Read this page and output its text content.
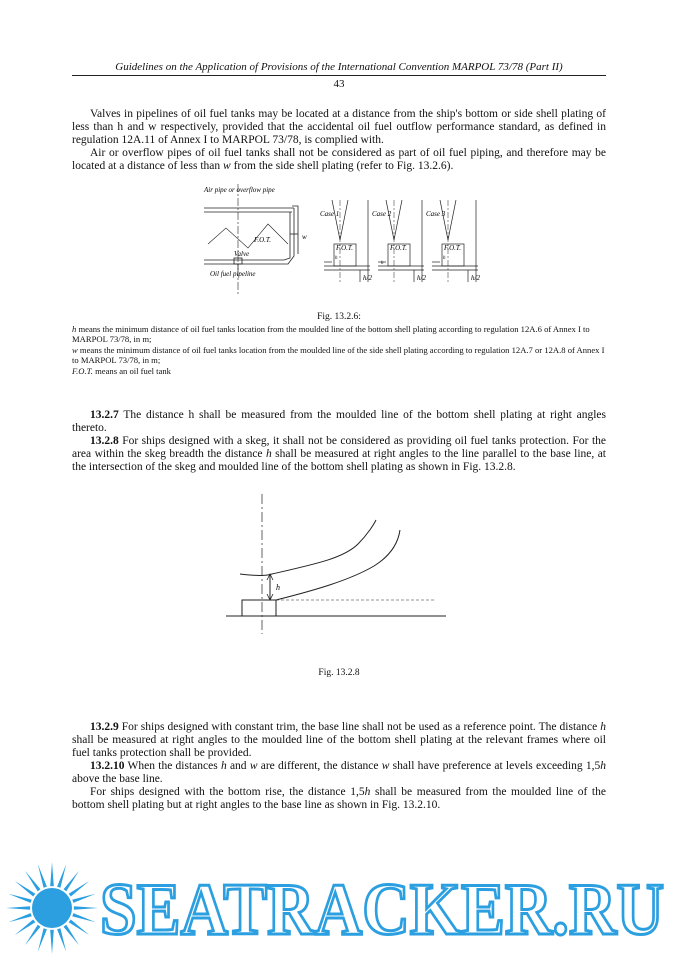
Guidelines on the Application of Provisions of the International Convention MARPOL 73/78 (Part II)
43

Valves in pipelines of oil fuel tanks may be located at a distance from the ship's bottom or side shell plating of less than h and w respectively, provided that the accidental oil fuel outflow performance standard, as defined in regulation 12A.11 of Annex I to MARPOL 73/78, is complied with.

Air or overflow pipes of oil fuel tanks shall not be considered as part of oil fuel piping, and therefore may be located at a distance of less than w from the side shell plating (refer to Fig. 13.2.6).

Air pipe or overflow pipe
F.O.T.	w
Valve
Oil fuel pipeline
Case 1	Case 2	Case 3
F.O.T.	F.O.T.	F.O.T.
h
h
h
h/2	h/2	h/2
Fig. 13.2.6:

h means the minimum distance of oil fuel tanks location from the moulded line of the bottom shell plating according to regulation 12A.6 of Annex I to MARPOL 73/78, in m;

w means the minimum distance of oil fuel tanks location from the moulded line of the side shell plating according to regulation 12A.7 or 12A.8 of Annex I to MARPOL 73/78, in m;

F.O.T. means an oil fuel tank

13.2.7 The distance h shall be measured from the moulded line of the bottom shell plating at right angles thereto.

13.2.8 For ships designed with a skeg, it shall not be considered as providing oil fuel tanks protection. For the area within the skeg breadth the distance h shall be measured at right angles to the line parallel to the base line, at the intersection of the skeg and moulded line of the bottom shell plating as shown in Fig. 13.2.8.

h
Fig. 13.2.8

13.2.9 For ships designed with constant trim, the base line shall not be used as a reference point. The distance h shall be measured at right angles to the moulded line of the bottom shell plating at the relevant frames where oil fuel tanks protection shall be provided.

13.2.10 When the distances h and w are different, the distance w shall have preference at levels exceeding 1,5h above the base line.

For ships designed with the bottom rise, the distance 1,5h shall be measured from the moulded line of the bottom shell plating but at right angles to the base line as shown in Fig. 13.2.10.

SEATRACKER.RU
